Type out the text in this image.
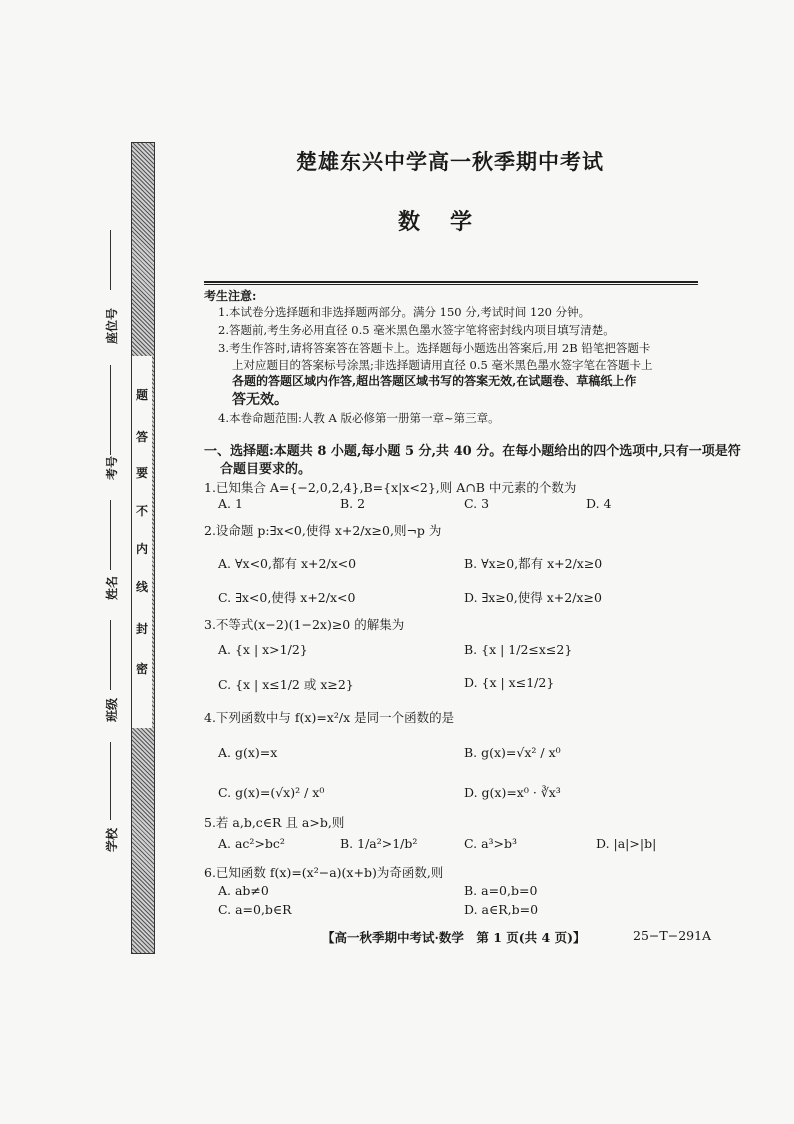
题
答
要
不
内
线
封
密
座位号
考号
姓名
班级
学校
楚雄东兴中学高一秋季期中考试
数学
考生注意:
1.本试卷分选择题和非选择题两部分。满分 150 分,考试时间 120 分钟。
2.答题前,考生务必用直径 0.5 毫米黑色墨水签字笔将密封线内项目填写清楚。
3.考生作答时,请将答案答在答题卡上。选择题每小题选出答案后,用 2B 铅笔把答题卡
上对应题目的答案标号涂黑;非选择题请用直径 0.5 毫米黑色墨水签字笔在答题卡上
各题的答题区域内作答,超出答题区域书写的答案无效,在试题卷、草稿纸上作
答无效。
4.本卷命题范围:人教 A 版必修第一册第一章~第三章。
一、选择题:本题共 8 小题,每小题 5 分,共 40 分。在每小题给出的四个选项中,只有一项是符
合题目要求的。
1.已知集合 A={−2,0,2,4},B={x|x<2},则 A∩B 中元素的个数为
A. 1	B. 2	C. 3	D. 4
2.设命题 p:∃x<0,使得 x+2/x≥0,则¬p 为
A. ∀x<0,都有 x+2/x<0	B. ∀x≥0,都有 x+2/x≥0
C. ∃x<0,使得 x+2/x<0	D. ∃x≥0,使得 x+2/x≥0
3.不等式(x−2)(1−2x)≥0 的解集为
A. {x | x>1/2}	B. {x | 1/2≤x≤2}
C. {x | x≤1/2 或 x≥2}	D. {x | x≤1/2}
4.下列函数中与 f(x)=x²/x 是同一个函数的是
A. g(x)=x	B. g(x)=√x² / x⁰
C. g(x)=(√x)² / x⁰	D. g(x)=x⁰ · ∛x³
5.若 a,b,c∈R 且 a>b,则
A. ac²>bc²	B. 1/a²>1/b²	C. a³>b³	D. |a|>|b|
6.已知函数 f(x)=(x²−a)(x+b)为奇函数,则
A. ab≠0	B. a=0,b=0
C. a=0,b∈R	D. a∈R,b=0
【高一秋季期中考试·数学　第 1 页(共 4 页)】	25−T−291A
